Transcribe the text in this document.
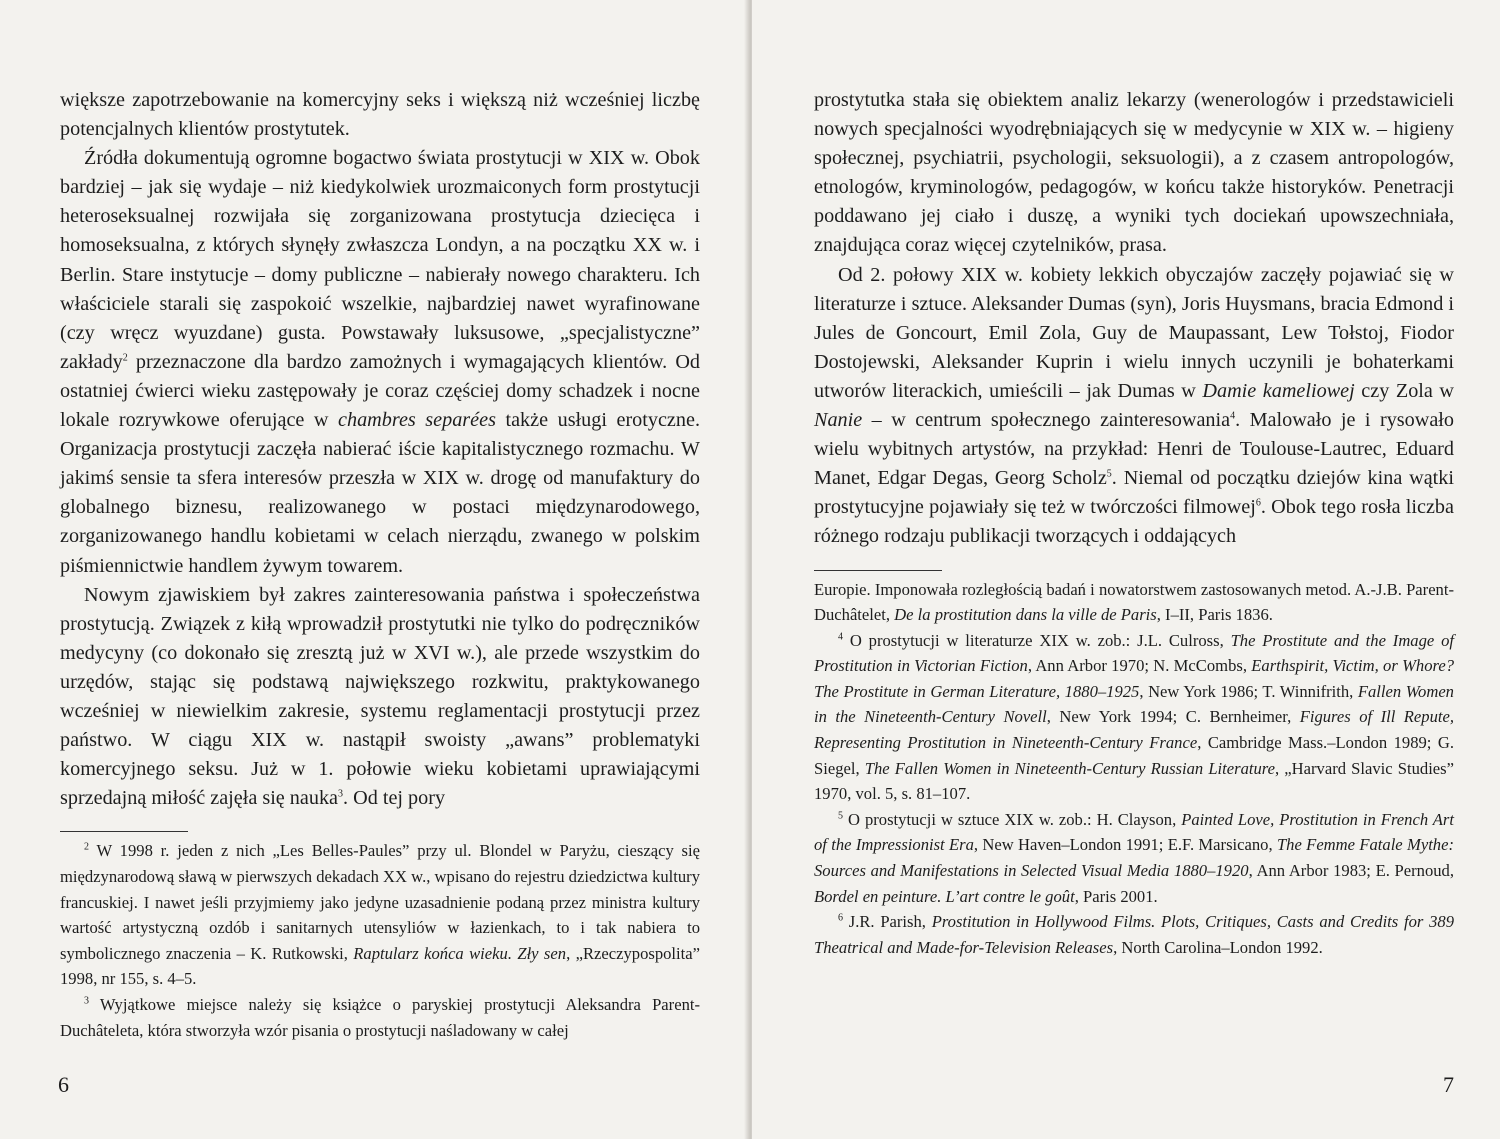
większe zapotrzebowanie na komercyjny seks i większą niż wcześniej liczbę potencjalnych klientów prostytutek.

Źródła dokumentują ogromne bogactwo świata prostytucji w XIX w. Obok bardziej – jak się wydaje – niż kiedykolwiek urozmaiconych form prostytucji heteroseksualnej rozwijała się zorganizowana prostytucja dziecięca i homoseksualna, z których słynęły zwłaszcza Londyn, a na początku XX w. i Berlin. Stare instytucje – domy publiczne – nabierały nowego charakteru. Ich właściciele starali się zaspokoić wszelkie, najbardziej nawet wyrafinowane (czy wręcz wyuzdane) gusta. Powstawały luksusowe, „specjalistyczne” zakłady$^2$ przeznaczone dla bardzo zamożnych i wymagających klientów. Od ostatniej ćwierci wieku zastępowały je coraz częściej domy schadzek i nocne lokale rozrywkowe oferujące w chambres separées także usługi erotyczne. Organizacja prostytucji zaczęła nabierać iście kapitalistycznego rozmachu. W jakimś sensie ta sfera interesów przeszła w XIX w. drogę od manufaktury do globalnego biznesu, realizowanego w postaci międzynarodowego, zorganizowanego handlu kobietami w celach nierządu, zwanego w polskim piśmiennictwie handlem żywym towarem.

Nowym zjawiskiem był zakres zainteresowania państwa i społeczeństwa prostytucją. Związek z kiłą wprowadził prostytutki nie tylko do podręczników medycyny (co dokonało się zresztą już w XVI w.), ale przede wszystkim do urzędów, stając się podstawą największego rozkwitu, praktykowanego wcześniej w niewielkim zakresie, systemu reglamentacji prostytucji przez państwo. W ciągu XIX w. nastąpił swoisty „awans” problematyki komercyjnego seksu. Już w 1. połowie wieku kobietami uprawiającymi sprzedajną miłość zajęła się nauka$^3$. Od tej pory

$^2$ W 1998 r. jeden z nich „Les Belles-Paules” przy ul. Blondel w Paryżu, cieszący się międzynarodową sławą w pierwszych dekadach XX w., wpisano do rejestru dziedzictwa kultury francuskiej. I nawet jeśli przyjmiemy jako jedyne uzasadnienie podaną przez ministra kultury wartość artystyczną ozdób i sanitarnych utensyliów w łazienkach, to i tak nabiera to symbolicznego znaczenia – K. Rutkowski, Raptularz końca wieku. Zły sen, „Rzeczypospolita” 1998, nr 155, s. 4–5.

$^3$ Wyjątkowe miejsce należy się książce o paryskiej prostytucji Aleksandra Parent-Duchâteleta, która stworzyła wzór pisania o prostytucji naśladowany w całej

6

prostytutka stała się obiektem analiz lekarzy (wenerologów i przedstawicieli nowych specjalności wyodrębniających się w medycynie w XIX w. – higieny społecznej, psychiatrii, psychologii, seksuologii), a z czasem antropologów, etnologów, kryminologów, pedagogów, w końcu także historyków. Penetracji poddawano jej ciało i duszę, a wyniki tych dociekań upowszechniała, znajdująca coraz więcej czytelników, prasa.

Od 2. połowy XIX w. kobiety lekkich obyczajów zaczęły pojawiać się w literaturze i sztuce. Aleksander Dumas (syn), Joris Huysmans, bracia Edmond i Jules de Goncourt, Emil Zola, Guy de Maupassant, Lew Tołstoj, Fiodor Dostojewski, Aleksander Kuprin i wielu innych uczynili je bohaterkami utworów literackich, umieścili – jak Dumas w Damie kameliowej czy Zola w Nanie – w centrum społecznego zainteresowania$^4$. Malowało je i rysowało wielu wybitnych artystów, na przykład: Henri de Toulouse-Lautrec, Eduard Manet, Edgar Degas, Georg Scholz$^5$. Niemal od początku dziejów kina wątki prostytucyjne pojawiały się też w twórczości filmowej$^6$. Obok tego rosła liczba różnego rodzaju publikacji tworzących i oddających

Europie. Imponowała rozległością badań i nowatorstwem zastosowanych metod. A.-J.B. Parent-Duchâtelet, De la prostitution dans la ville de Paris, I–II, Paris 1836.

$^4$ O prostytucji w literaturze XIX w. zob.: J.L. Culross, The Prostitute and the Image of Prostitution in Victorian Fiction, Ann Arbor 1970; N. McCombs, Earthspirit, Victim, or Whore? The Prostitute in German Literature, 1880–1925, New York 1986; T. Winnifrith, Fallen Women in the Nineteenth-Century Novell, New York 1994; C. Bernheimer, Figures of Ill Repute, Representing Prostitution in Nineteenth-Century France, Cambridge Mass.–London 1989; G. Siegel, The Fallen Women in Nineteenth-Century Russian Literature, „Harvard Slavic Studies” 1970, vol. 5, s. 81–107.

$^5$ O prostytucji w sztuce XIX w. zob.: H. Clayson, Painted Love, Prostitution in French Art of the Impressionist Era, New Haven–London 1991; E.F. Marsicano, The Femme Fatale Mythe: Sources and Manifestations in Selected Visual Media 1880–1920, Ann Arbor 1983; E. Pernoud, Bordel en peinture. L’art contre le goût, Paris 2001.

$^6$ J.R. Parish, Prostitution in Hollywood Films. Plots, Critiques, Casts and Credits for 389 Theatrical and Made-for-Television Releases, North Carolina–London 1992.

7
